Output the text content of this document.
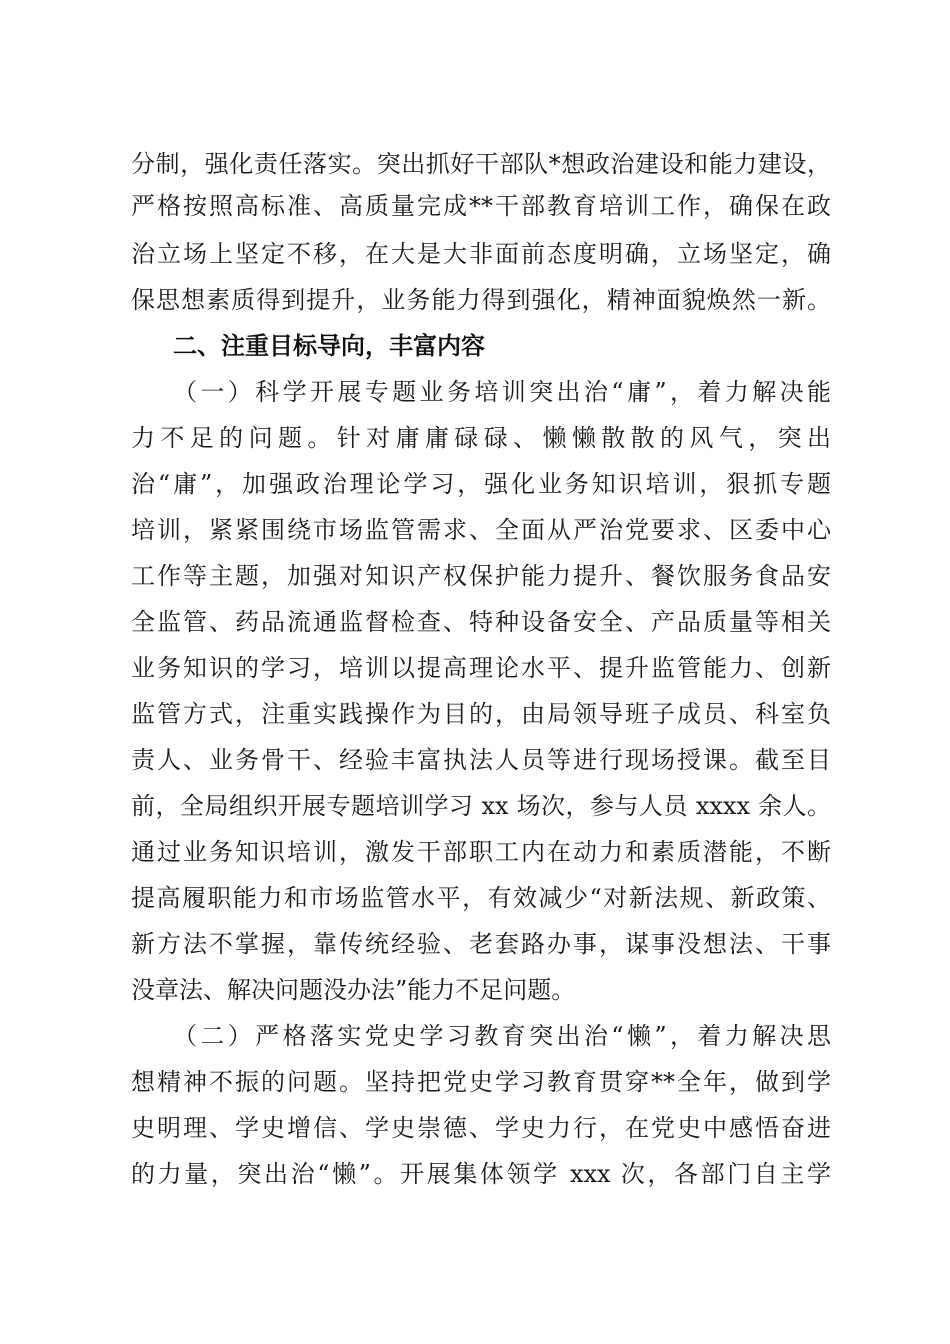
分制，强化责任落实。突出抓好干部队*想政治建设和能力建设，
严格按照高标准、高质量完成**干部教育培训工作，确保在政
治立场上坚定不移，在大是大非面前态度明确，立场坚定，确
保思想素质得到提升，业务能力得到强化，精神面貌焕然一新。
二、注重目标导向，丰富内容
（一）科学开展专题业务培训突出治“庸”，着力解决能
力不足的问题。针对庸庸碌碌、懒懒散散的风气，突出
治“庸”，加强政治理论学习，强化业务知识培训，狠抓专题
培训，紧紧围绕市场监管需求、全面从严治党要求、区委中心
工作等主题，加强对知识产权保护能力提升、餐饮服务食品安
全监管、药品流通监督检查、特种设备安全、产品质量等相关
业务知识的学习，培训以提高理论水平、提升监管能力、创新
监管方式，注重实践操作为目的，由局领导班子成员、科室负
责人、业务骨干、经验丰富执法人员等进行现场授课。截至目
前，全局组织开展专题培训学习 xx 场次，参与人员 xxxx 余人。
通过业务知识培训，激发干部职工内在动力和素质潜能，不断
提高履职能力和市场监管水平，有效减少“对新法规、新政策、
新方法不掌握，靠传统经验、老套路办事，谋事没想法、干事
没章法、解决问题没办法”能力不足问题。
（二）严格落实党史学习教育突出治“懒”，着力解决思
想精神不振的问题。坚持把党史学习教育贯穿**全年，做到学
史明理、学史增信、学史崇德、学史力行，在党史中感悟奋进
的力量，突出治“懒”。开展集体领学 xxx 次，各部门自主学
